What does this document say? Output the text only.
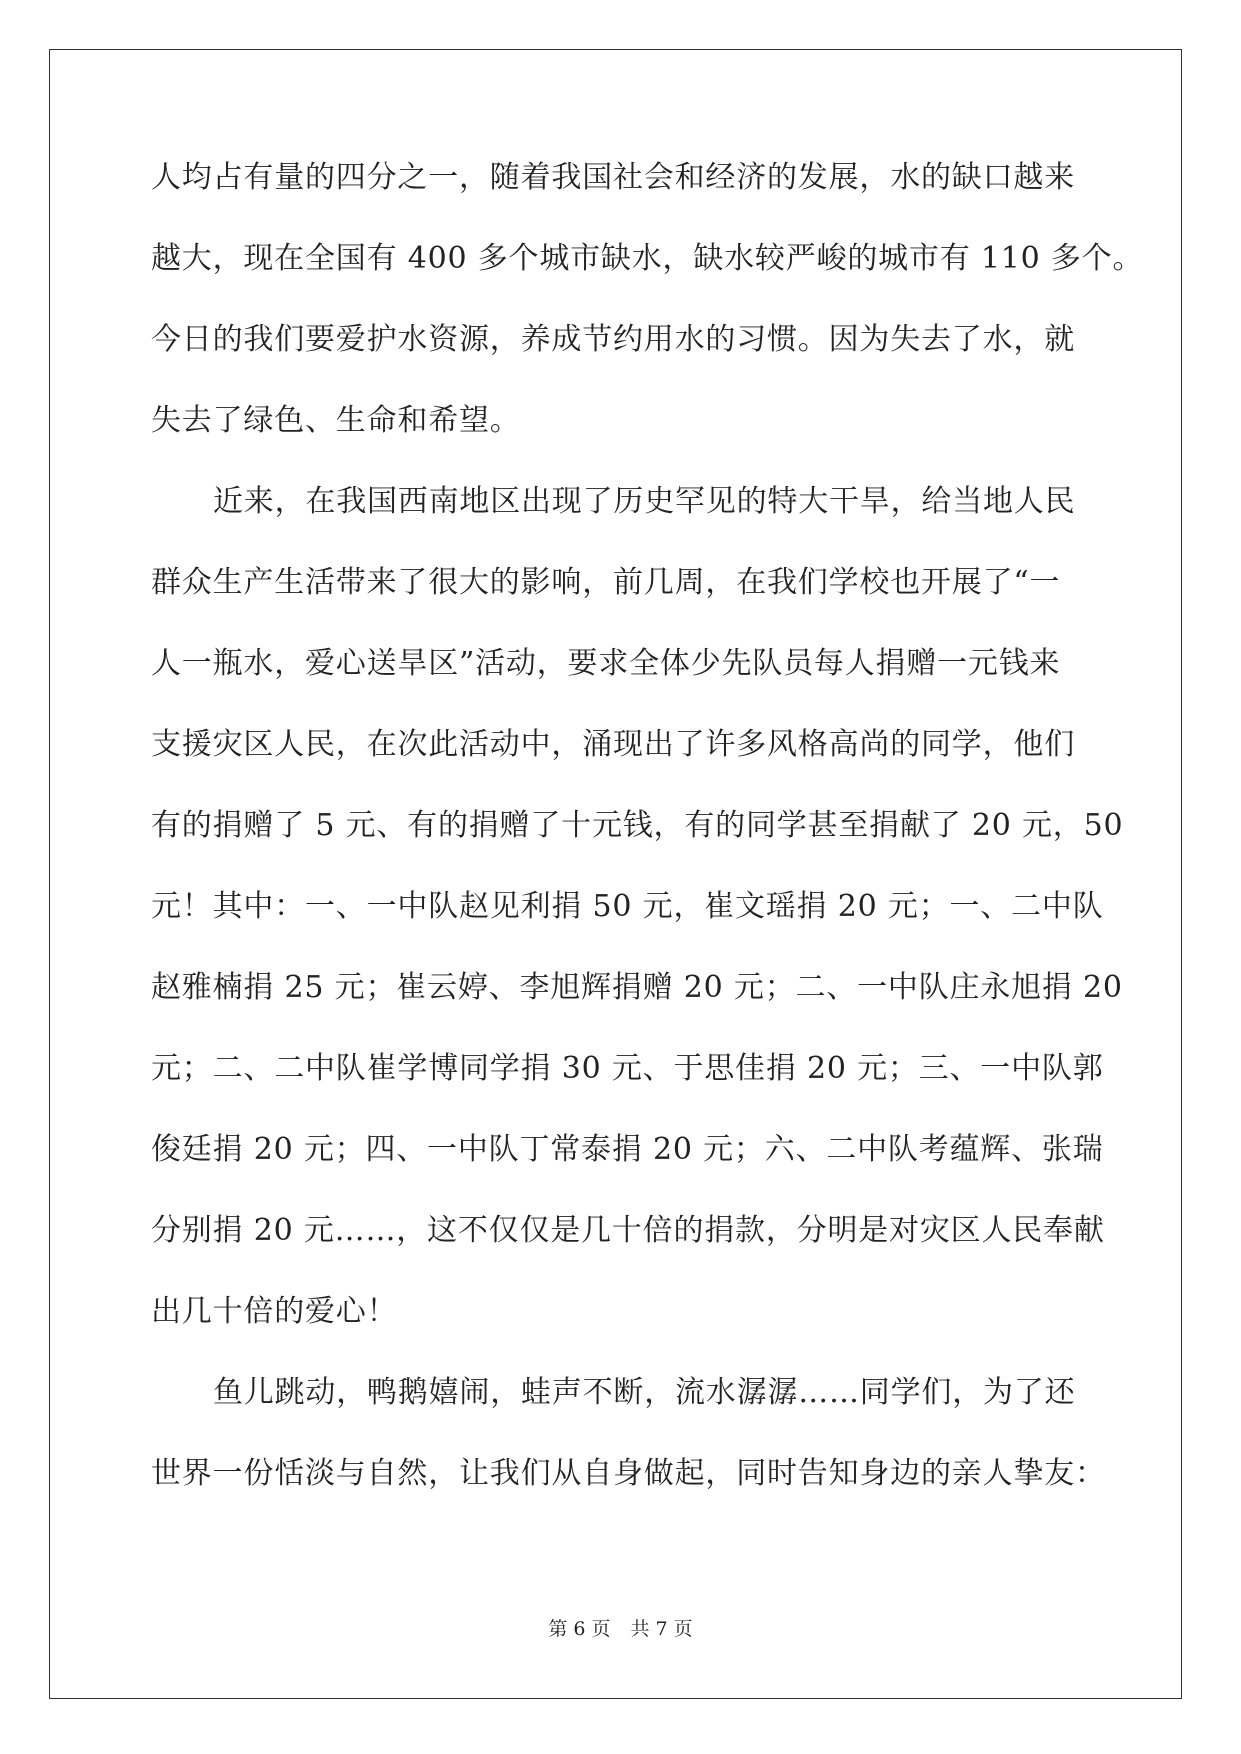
人均占有量的四分之一，随着我国社会和经济的发展，水的缺口越来
越大，现在全国有 400 多个城市缺水，缺水较严峻的城市有 110 多个。
今日的我们要爱护水资源，养成节约用水的习惯。因为失去了水，就
失去了绿色、生命和希望。
近来，在我国西南地区出现了历史罕见的特大干旱，给当地人民
群众生产生活带来了很大的影响，前几周，在我们学校也开展了“一
人一瓶水，爱心送旱区”活动，要求全体少先队员每人捐赠一元钱来
支援灾区人民，在次此活动中，涌现出了许多风格高尚的同学，他们
有的捐赠了 5 元、有的捐赠了十元钱，有的同学甚至捐献了 20 元，50
元！其中：一、一中队赵见利捐 50 元，崔文瑶捐 20 元；一、二中队
赵雅楠捐 25 元；崔云婷、李旭辉捐赠 20 元；二、一中队庄永旭捐 20
元；二、二中队崔学博同学捐 30 元、于思佳捐 20 元；三、一中队郭
俊廷捐 20 元；四、一中队丁常泰捐 20 元；六、二中队考蕴辉、张瑞
分别捐 20 元……，这不仅仅是几十倍的捐款，分明是对灾区人民奉献
出几十倍的爱心！
鱼儿跳动，鸭鹅嬉闹，蛙声不断，流水潺潺……同学们，为了还
世界一份恬淡与自然，让我们从自身做起，同时告知身边的亲人挚友：
第 6 页 共 7 页
